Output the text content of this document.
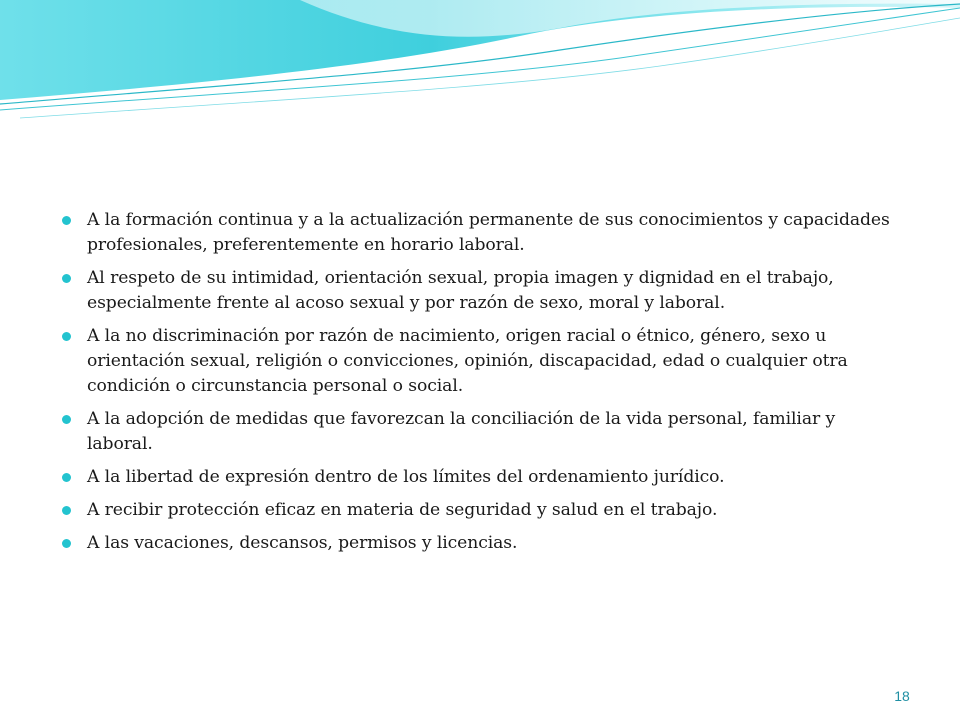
A la formación continua y a la actualización permanente de sus conocimientos y capacidades profesionales, preferentemente en horario laboral.
Al respeto de su intimidad, orientación sexual, propia imagen y dignidad en el trabajo, especialmente frente al acoso sexual y por razón de sexo, moral y laboral.
A la no discriminación por razón de nacimiento, origen racial o étnico, género, sexo u orientación sexual, religión o convicciones, opinión, discapacidad, edad o cualquier otra condición o circunstancia personal o social.
A la adopción de medidas que favorezcan la conciliación de la vida personal, familiar y laboral.
A la libertad de expresión dentro de los límites del ordenamiento jurídico.
A recibir protección eficaz en materia de seguridad y salud en el trabajo.
A las vacaciones, descansos, permisos y licencias.
18
